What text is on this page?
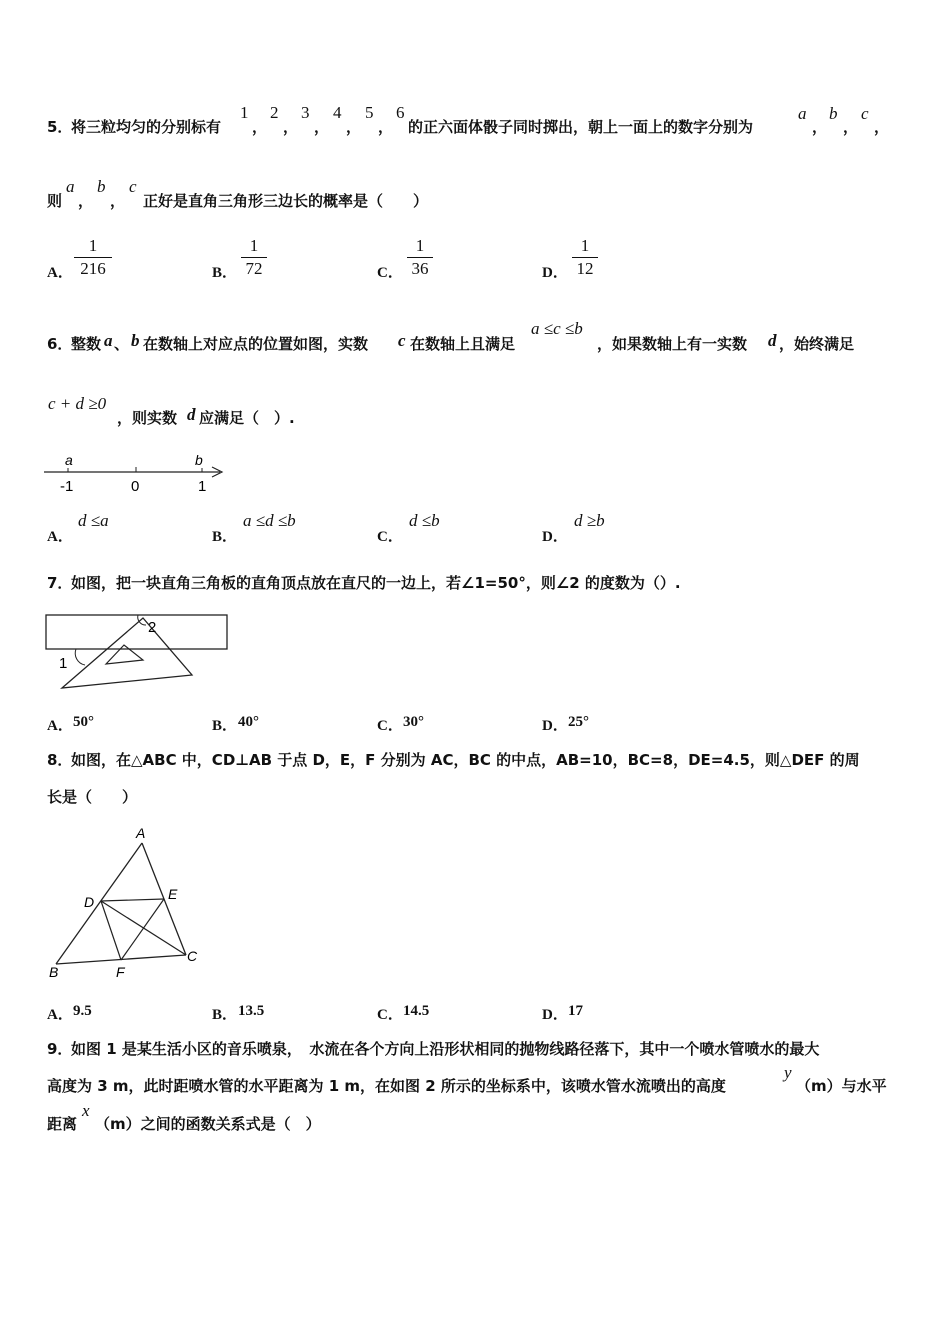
5．
将三粒均匀的分别标有
1
，
2
，
3
，
4
，
5
，
6
的正六面体骰子同时掷出，朝上一面上的数字分别为
a
，
b
，
c
，
则
a
，
b
，
c
正好是直角三角形三边长的概率是（　　）
A．
1
216	B．
1
72	C．
1
36	D．
1
12
6．
整数 a 、 b 在数轴上对应点的位置如图，实数 c 在数轴上且满足
a ≤c ≤b
，如果数轴上有一实数 d ，始终满足
c + d ≥0
，则实数 d 应满足（　）.
a	b
-1	0	1
A．
d ≤a
B．
a ≤d ≤b
C．
d ≤b
D．
d ≥b
7．
如图，把一块直角三角板的直角顶点放在直尺的一边上，若∠1=50°，则∠2 的度数为（）.
1
2
A． 50°	B． 40°	C． 30°	D． 25°
8．
如图，在△ABC 中，CD⊥AB 于点 D，E，F 分别为 AC，BC 的中点，AB=10，BC=8，DE=4.5，则△DEF 的周
长是（　　）
A
B
C
D	E
F
A． 9.5	B． 13.5	C． 14.5	D． 17
9．
如图 1 是某生活小区的音乐喷泉，　水流在各个方向上沿形状相同的抛物线路径落下，其中一个喷水管喷水的最大
高度为 3 m，此时距喷水管的水平距离为 1 m，在如图 2 所示的坐标系中，该喷水管水流喷出的高度
y
（m）与水平
距离
x
（m）之间的函数关系式是（　）
